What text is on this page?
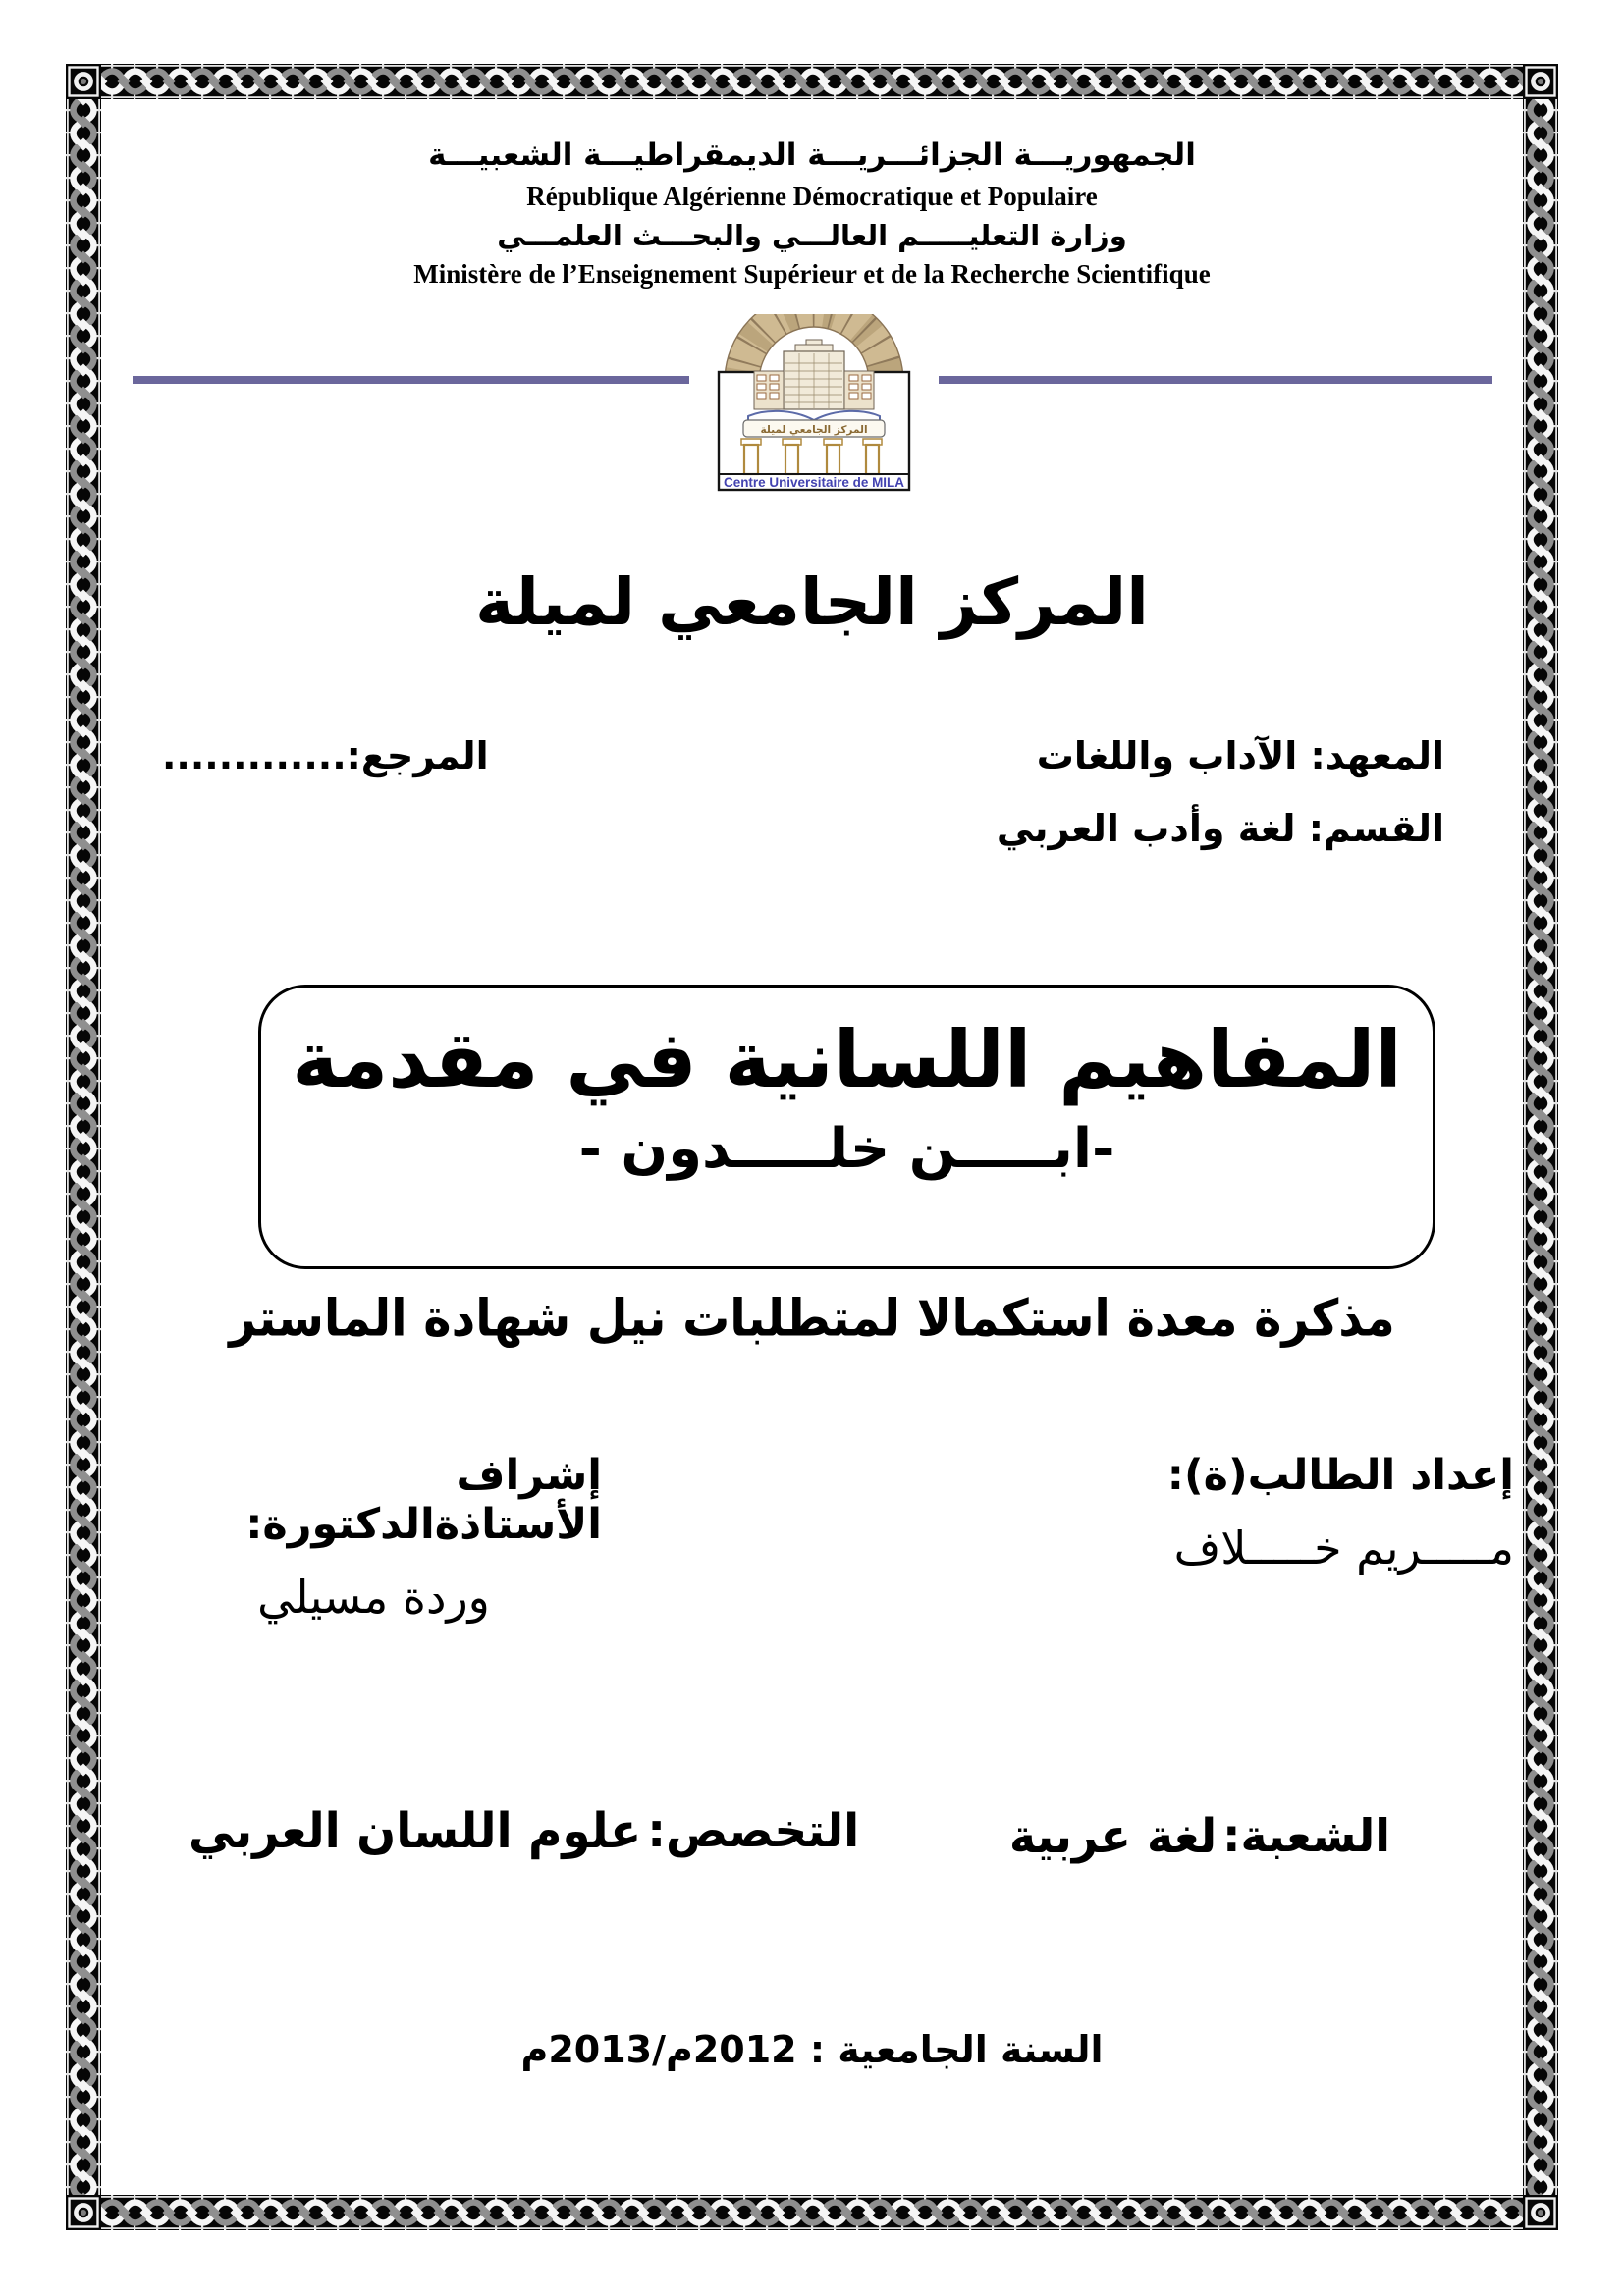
الجمهوريـــة الجزائـــريـــة الديمقراطيـــة الشعبيـــة
République Algérienne Démocratique et Populaire
وزارة التعليـــــم العالـــي والبحـــث العلمـــي
Ministère de l’Enseignement Supérieur et de la Recherche Scientifique
المركز الجامعي لميلة
Centre Universitaire de MILA
المركز الجامعي لميلة
المعهد: الآداب واللغات
القسم: لغة وأدب العربي
المرجع:.............
المفاهيم اللسانية في مقدمة
-ابـــــن خلـــــدون -
مذكرة معدة استكمالا لمتطلبات نيل شهادة الماستر
إعداد الطالب(ة):
مـــــريم خـــــلاف
إشراف الأستاذةالدكتورة:
وردة مسيلي
الشعبة:لغة عربية
التخصص:علوم اللسان العربي
السنة الجامعية : 2012م/2013م
